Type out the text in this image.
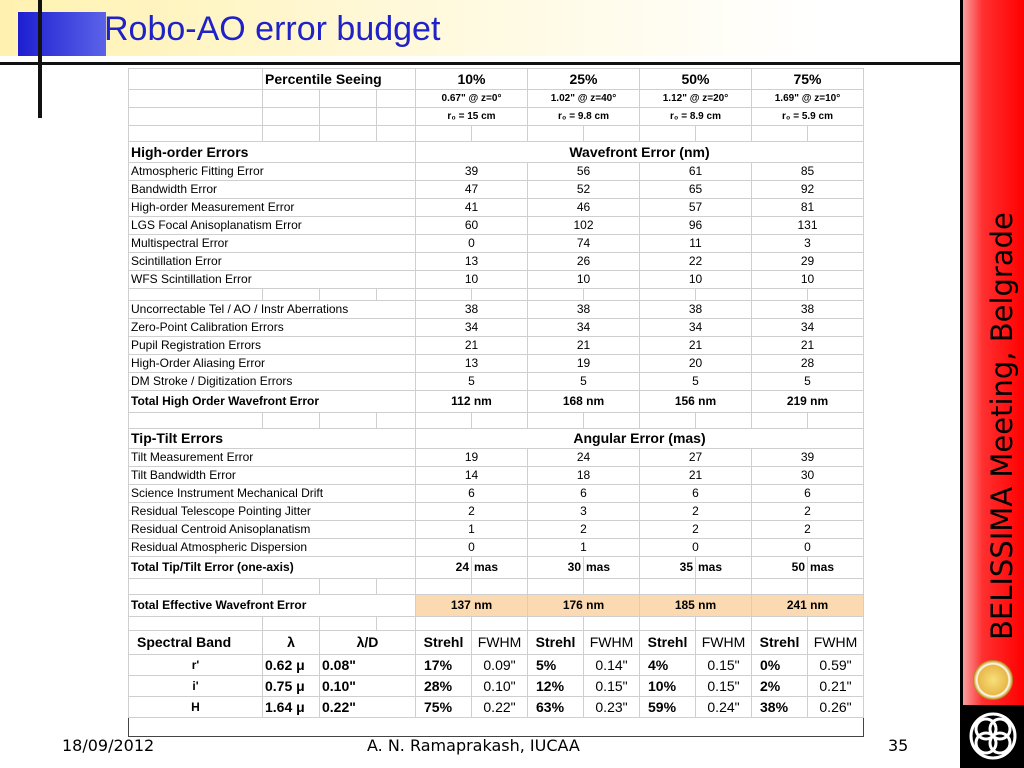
Robo-AO error budget
BELISSIMA Meeting, Belgrade
	Percentile Seeing			10%		25%		50%		75%	
				0.67" @ z=0°		1.02" @ z=40°		1.12" @ z=20°		1.69" @ z=10°	
				r₀ = 15 cm		r₀ = 9.8 cm		r₀ = 8.9 cm		r₀ = 5.9 cm	

High-order Errors				Wavefront Error (nm)							
Atmospheric Fitting Error				39		56		61		85	
Bandwidth Error				47		52		65		92	
High-order Measurement Error				41		46		57		81	
LGS Focal Anisoplanatism Error				60		102		96		131	
Multispectral Error				0		74		11		3	
Scintillation Error				13		26		22		29	
WFS Scintillation Error				10		10		10		10	

Uncorrectable Tel / AO / Instr Aberrations				38		38		38		38	
Zero-Point Calibration Errors				34		34		34		34	
Pupil Registration Errors				21		21		21		21	
High-Order Aliasing Error				13		19		20		28	
DM Stroke / Digitization Errors				5		5		5		5	
Total High Order Wavefront Error				112 nm		168 nm		156 nm		219 nm	

Tip-Tilt Errors				Angular Error (mas)							
Tilt Measurement Error				19		24		27		39	
Tilt Bandwidth Error				14		18		21		30	
Science Instrument Mechanical Drift				6		6		6		6	
Residual Telescope Pointing Jitter				2		3		2		2	
Residual Centroid Anisoplanatism				1		2		2		2	
Residual Atmospheric Dispersion				0		1		0		0	
Total Tip/Tilt Error (one-axis)				24	mas	30	mas	35	mas	50	mas

Total Effective Wavefront Error				137 nm		176 nm		185 nm		241 nm	

Spectral Band	λ	λ/D		Strehl	FWHM	Strehl	FWHM	Strehl	FWHM	Strehl	FWHM
r'	0.62 μ	0.08"		17%	0.09"	5%	0.14"	4%	0.15"	0%	0.59"
i'	0.75 μ	0.10"		28%	0.10"	12%	0.15"	10%	0.15"	2%	0.21"
H	1.64 μ	0.22"		75%	0.22"	63%	0.23"	59%	0.24"	38%	0.26"
18/09/2012	A. N. Ramaprakash, IUCAA	35
